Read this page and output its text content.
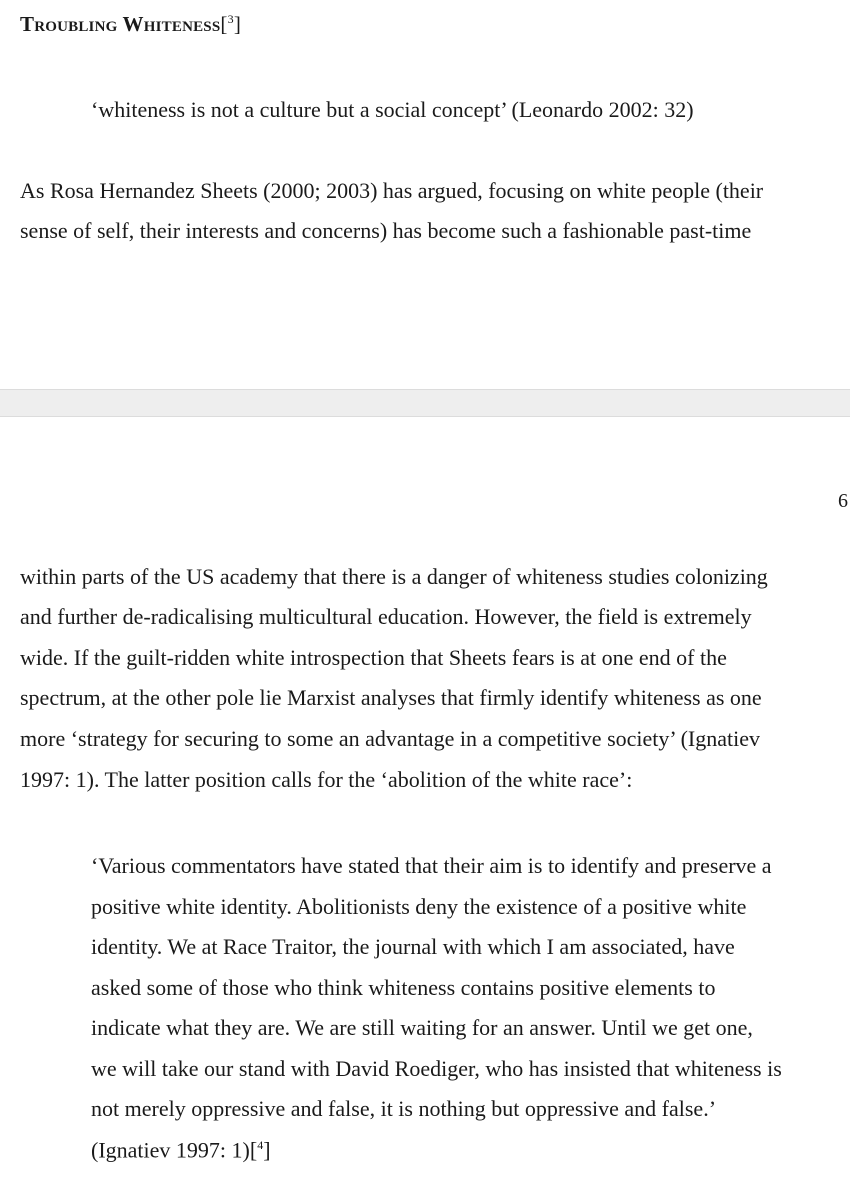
Troubling Whiteness[$^3$]
‘whiteness is not a culture but a social concept’ (Leonardo 2002: 32)
As Rosa Hernandez Sheets (2000; 2003) has argued, focusing on white people (their
sense of self, their interests and concerns) has become such a fashionable past-time
6
within parts of the US academy that there is a danger of whiteness studies colonizing
and further de-radicalising multicultural education. However, the field is extremely
wide. If the guilt-ridden white introspection that Sheets fears is at one end of the
spectrum, at the other pole lie Marxist analyses that firmly identify whiteness as one
more ‘strategy for securing to some an advantage in a competitive society’ (Ignatiev
1997: 1). The latter position calls for the ‘abolition of the white race’:
‘Various commentators have stated that their aim is to identify and preserve a
positive white identity. Abolitionists deny the existence of a positive white
identity. We at Race Traitor, the journal with which I am associated, have
asked some of those who think whiteness contains positive elements to
indicate what they are. We are still waiting for an answer. Until we get one,
we will take our stand with David Roediger, who has insisted that whiteness is
not merely oppressive and false, it is nothing but oppressive and false.’
(Ignatiev 1997: 1)[$^4$]
